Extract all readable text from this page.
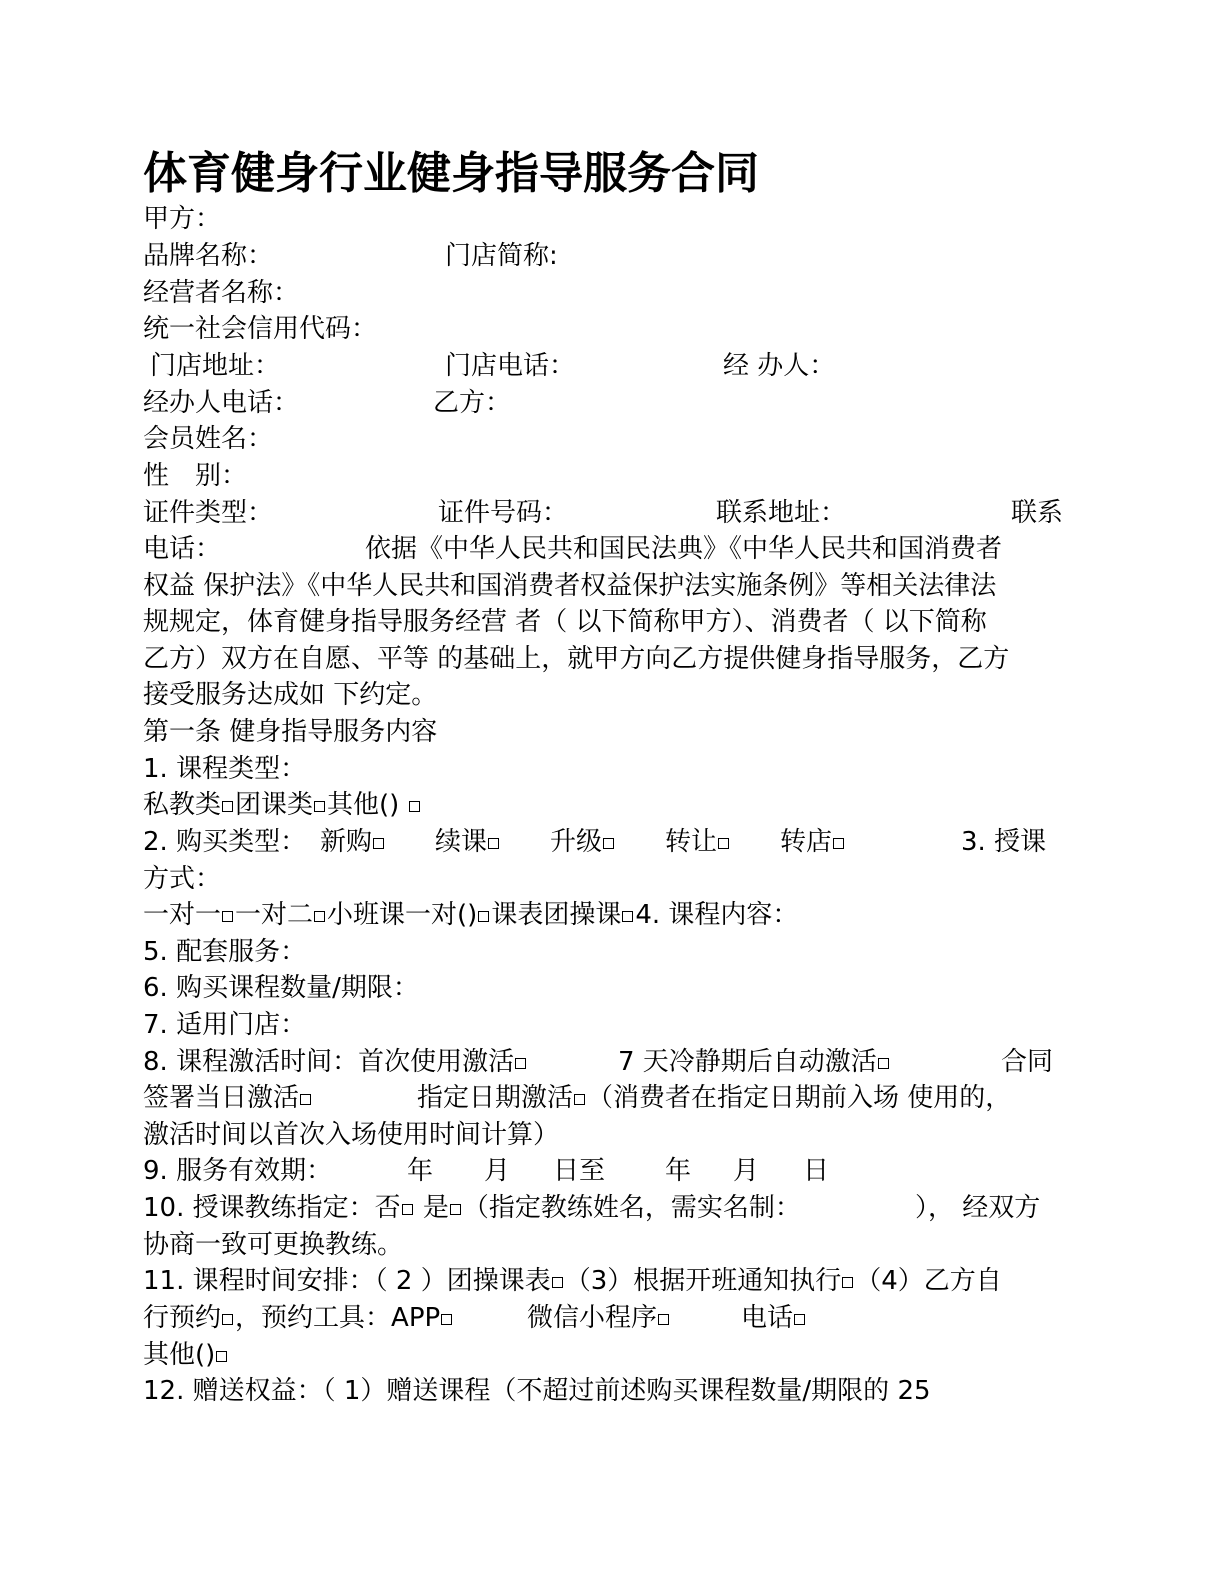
体育健身行业健身指导服务合同
甲方：
品牌名称：	门店简称:
经营者名称：
统一社会信用代码：
门店地址：	门店电话：	经 办人：
经办人电话：	乙方：
会员姓名：
性　别：
证件类型：	证件号码：	联系地址：	联系
电话：	依据《中华人民共和国民法典》《中华人民共和国消费者
权益 保护法》《中华人民共和国消费者权益保护法实施条例》等相关法律法
规规定，体育健身指导服务经营 者（ 以下简称甲方）、消费者（ 以下简称
乙方）双方在自愿、平等 的基础上，就甲方向乙方提供健身指导服务，乙方
接受服务达成如 下约定。
第一条 健身指导服务内容
1. 课程类型：
私教类 团课类 其他()
2. 购买类型： 新购	续课	升级	转让	转店	3. 授课
方式：
一对一 一对二 小班课一对() 课表团操课 4. 课程内容：
5. 配套服务：
6. 购买课程数量/期限：
7. 适用门店：
8. 课程激活时间：首次使用激活	7 天冷静期后自动激活	合同
签署当日激活	指定日期激活 （消费者在指定日期前入场 使用的，
激活时间以首次入场使用时间计算）
9. 服务有效期：	年 月 日至 年 月 日
10. 授课教练指定：否 是 （指定教练姓名，需实名制：	）， 经双方
协商一致可更换教练。
11. 课程时间安排：（ 2 ）团操课表 （3）根据开班通知执行 （4）乙方自
行预约 ，预约工具：APP	微信小程序	电话
其他()
12. 赠送权益：（ 1）赠送课程（不超过前述购买课程数量/期限的 25
